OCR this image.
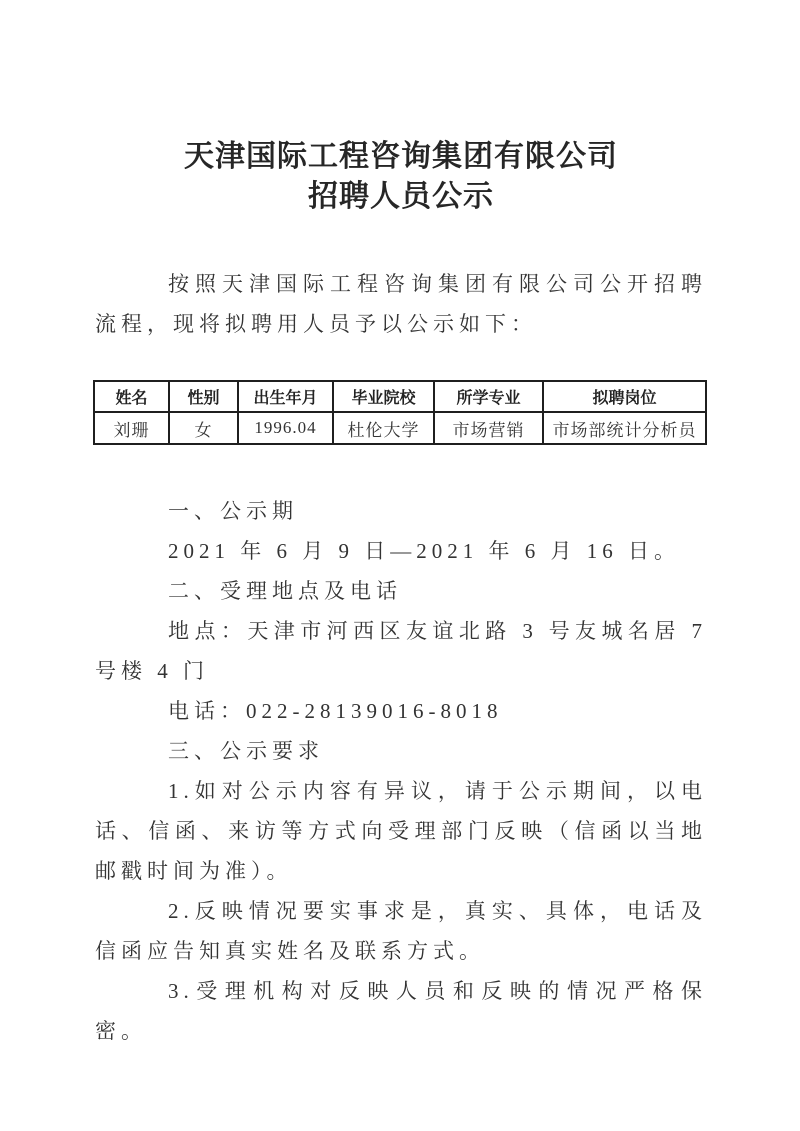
天津国际工程咨询集团有限公司
招聘人员公示

按照天津国际工程咨询集团有限公司公开招聘流程，现将拟聘用人员予以公示如下：

姓名	性别	出生年月	毕业院校	所学专业	拟聘岗位
刘珊	女	1996.04	杜伦大学	市场营销	市场部统计分析员
一、公示期

2021 年 6 月 9 日—2021 年 6 月 16 日。

二、受理地点及电话

地点：天津市河西区友谊北路 3 号友城名居 7 号楼 4 门

电话：022-28139016-8018

三、公示要求

1.如对公示内容有异议，请于公示期间，以电话、信函、来访等方式向受理部门反映（信函以当地邮戳时间为准）。

2.反映情况要实事求是，真实、具体，电话及信函应告知真实姓名及联系方式。

3.受理机构对反映人员和反映的情况严格保密。
